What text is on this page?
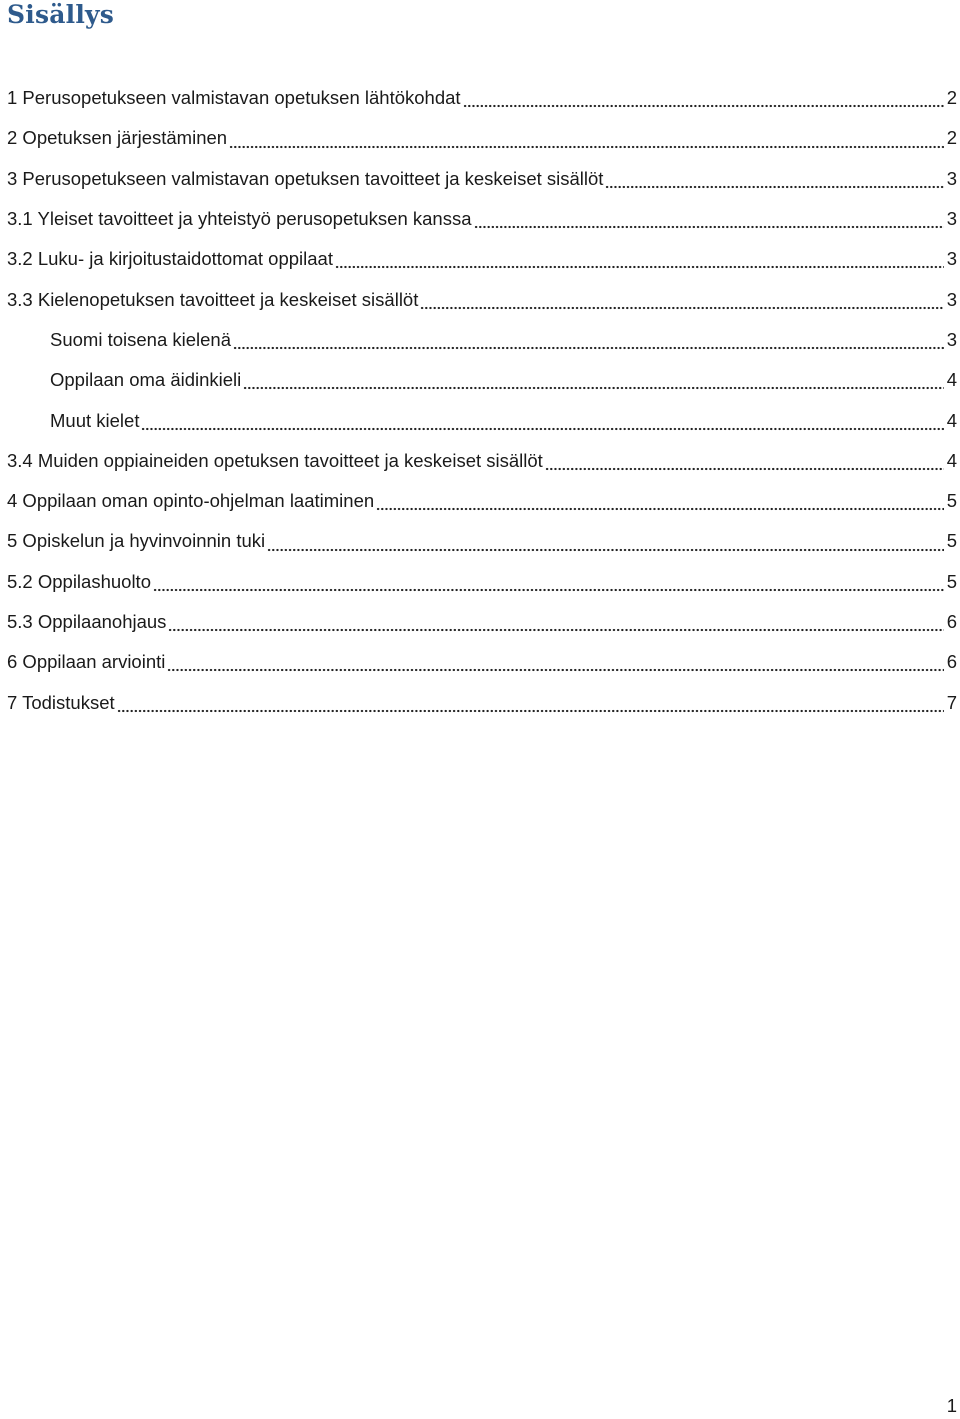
Sisällys
1 Perusopetukseen valmistavan opetuksen lähtökohdat	2
2 Opetuksen järjestäminen	2
3 Perusopetukseen valmistavan opetuksen tavoitteet ja keskeiset sisällöt	3
3.1 Yleiset tavoitteet ja yhteistyö perusopetuksen kanssa	3
3.2 Luku- ja kirjoitustaidottomat oppilaat	3
3.3 Kielenopetuksen tavoitteet ja keskeiset sisällöt	3
Suomi toisena kielenä	3
Oppilaan oma äidinkieli	4
Muut kielet	4
3.4 Muiden oppiaineiden opetuksen tavoitteet ja keskeiset sisällöt	4
4 Oppilaan oman opinto-ohjelman laatiminen	5
5 Opiskelun ja hyvinvoinnin tuki	5
5.2 Oppilashuolto	5
5.3 Oppilaanohjaus	6
6 Oppilaan arviointi	6
7 Todistukset	7
1
